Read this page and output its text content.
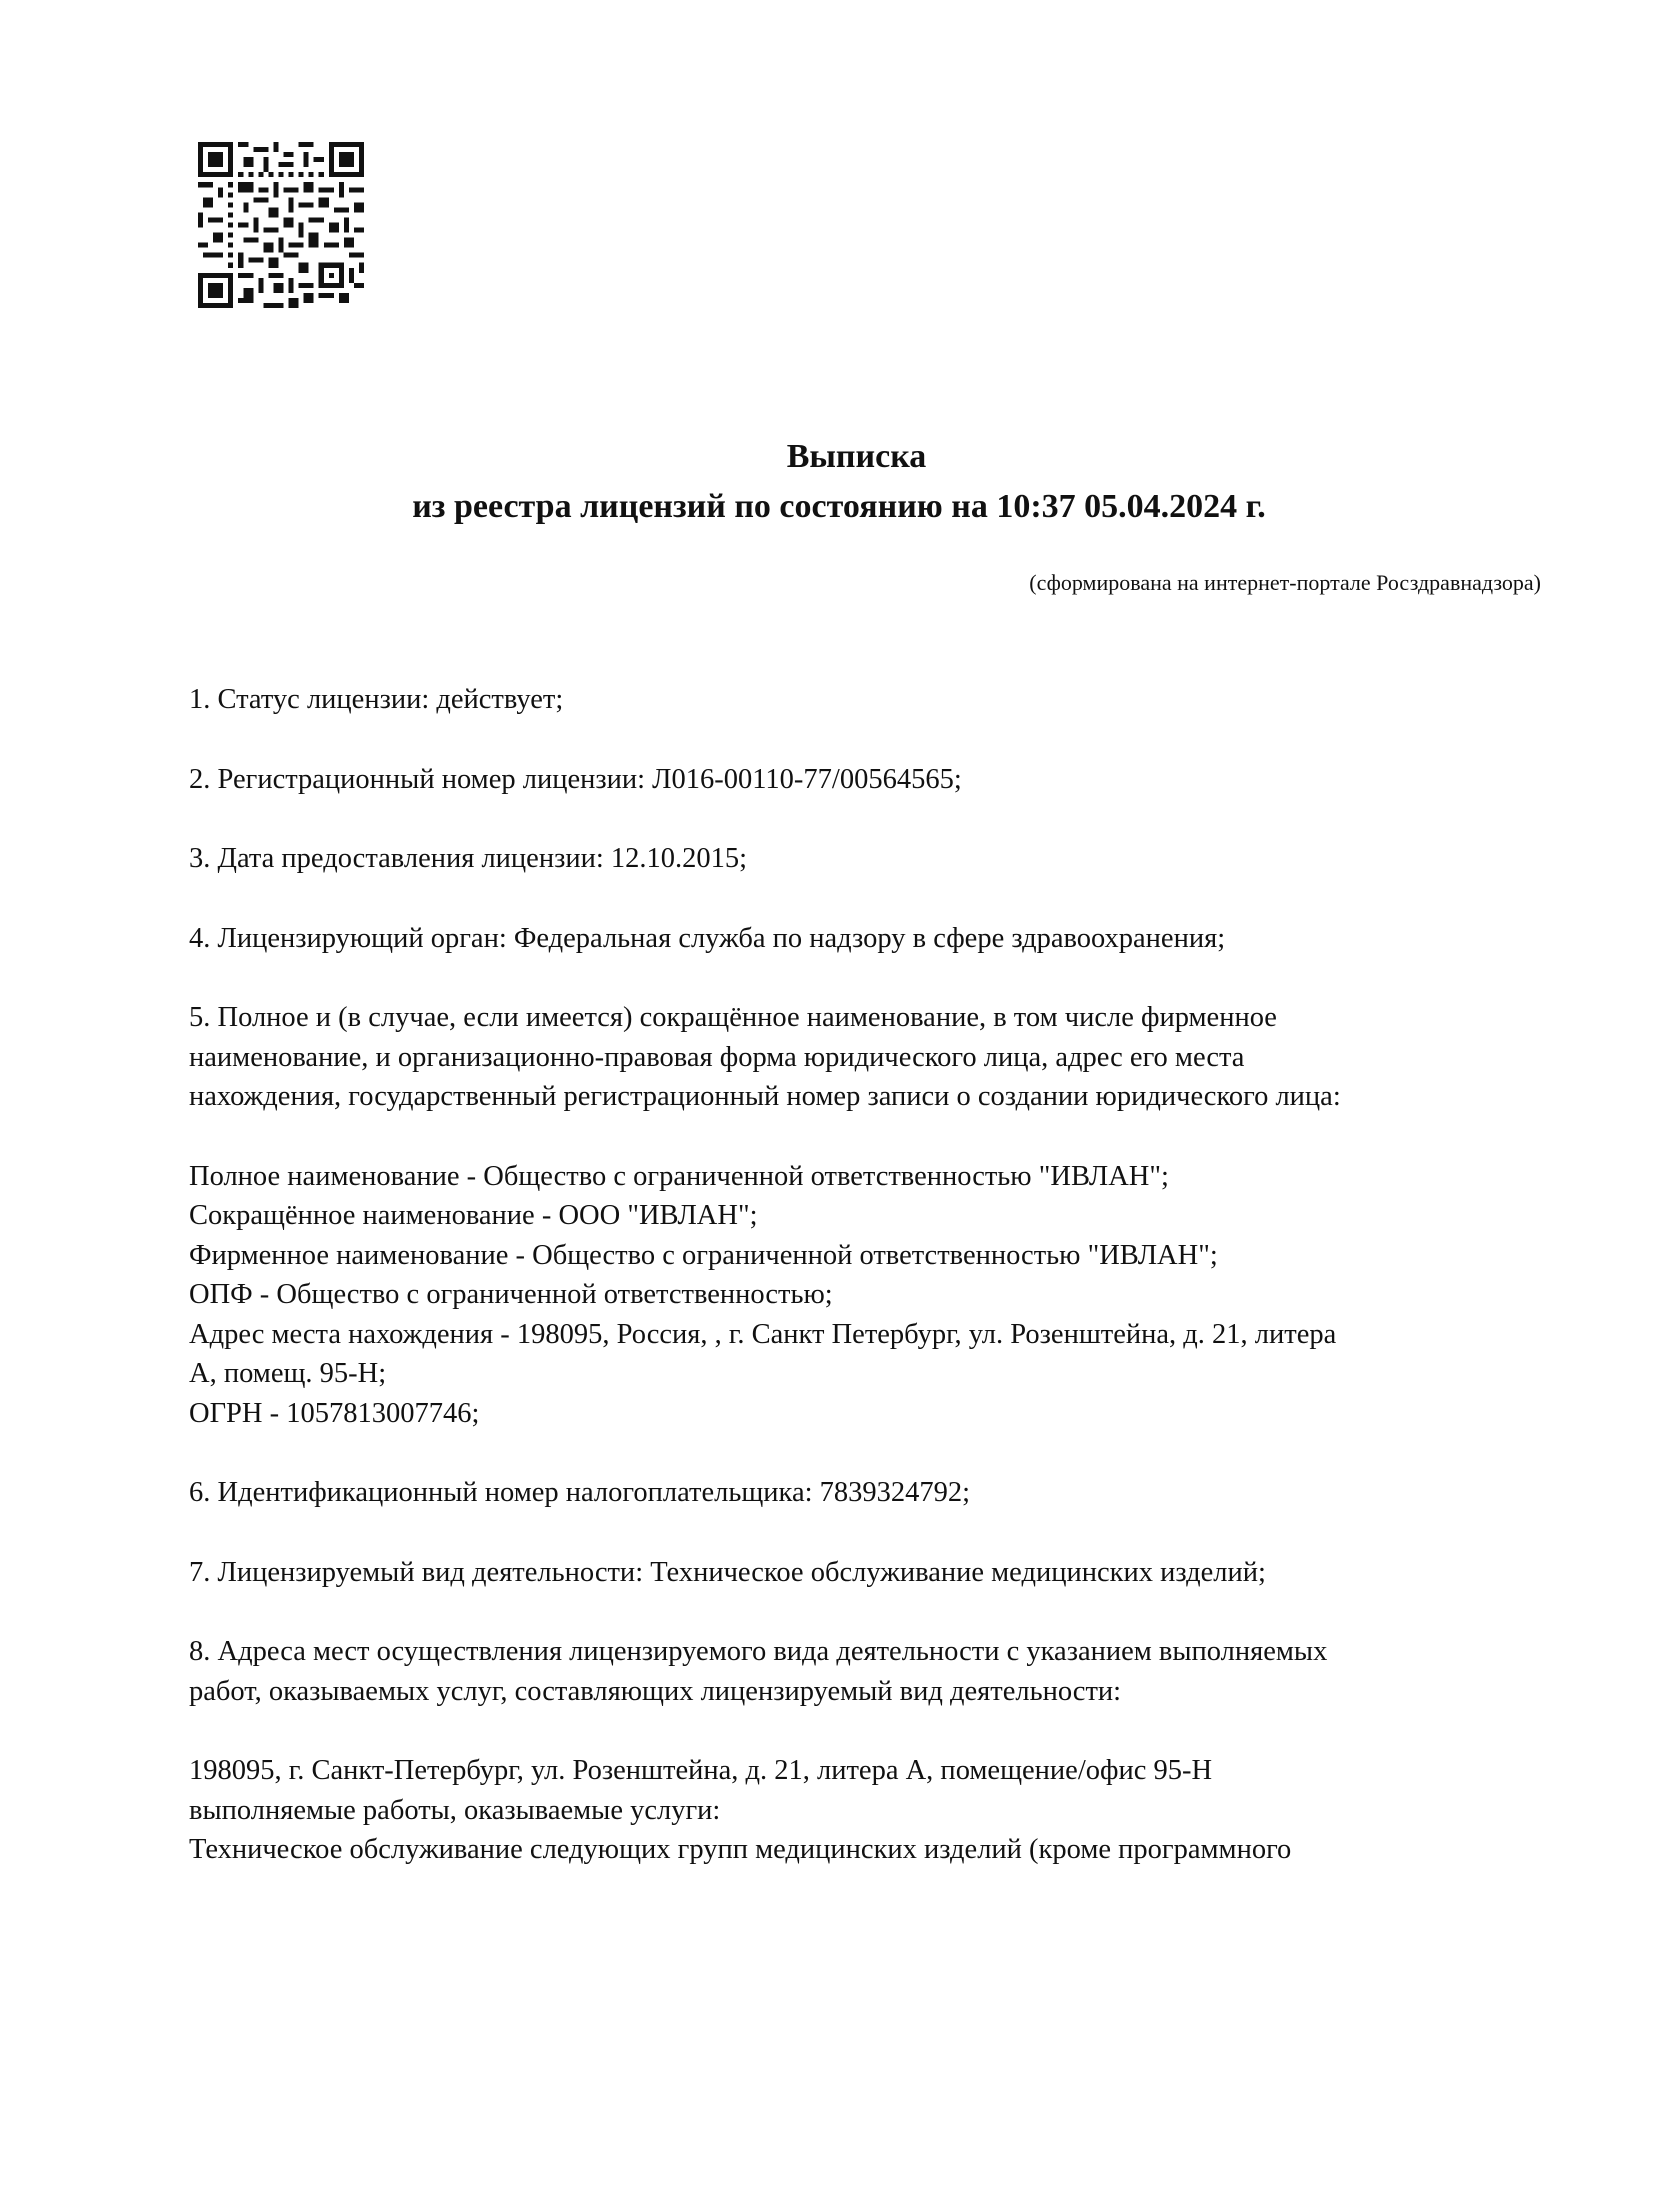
Выписка
из реестра лицензий по состоянию на 10:37 05.04.2024 г.
(сформирована на интернет-портале Росздравнадзора)

1. Статус лицензии: действует;

2. Регистрационный номер лицензии: Л016-00110-77/00564565;

3. Дата предоставления лицензии: 12.10.2015;

4. Лицензирующий орган: Федеральная служба по надзору в сфере здравоохранения;

5. Полное и (в случае, если имеется) сокращённое наименование, в том числе фирменное

наименование, и организационно-правовая форма юридического лица, адрес его места

нахождения, государственный регистрационный номер записи о создании юридического лица:

Полное наименование - Общество с ограниченной ответственностью "ИВЛАН";

Сокращённое наименование - ООО "ИВЛАН";

Фирменное наименование - Общество с ограниченной ответственностью "ИВЛАН";

ОПФ - Общество с ограниченной ответственностью;

Адрес места нахождения - 198095, Россия, , г. Санкт Петербург, ул. Розенштейна, д. 21, литера

А, помещ. 95-Н;

ОГРН - 1057813007746;

6. Идентификационный номер налогоплательщика: 7839324792;

7. Лицензируемый вид деятельности: Техническое обслуживание медицинских изделий;

8. Адреса мест осуществления лицензируемого вида деятельности с указанием выполняемых

работ, оказываемых услуг, составляющих лицензируемый вид деятельности:

198095, г. Санкт-Петербург, ул. Розенштейна, д. 21, литера А, помещение/офис 95-Н

выполняемые работы, оказываемые услуги:

Техническое обслуживание следующих групп медицинских изделий (кроме программного
